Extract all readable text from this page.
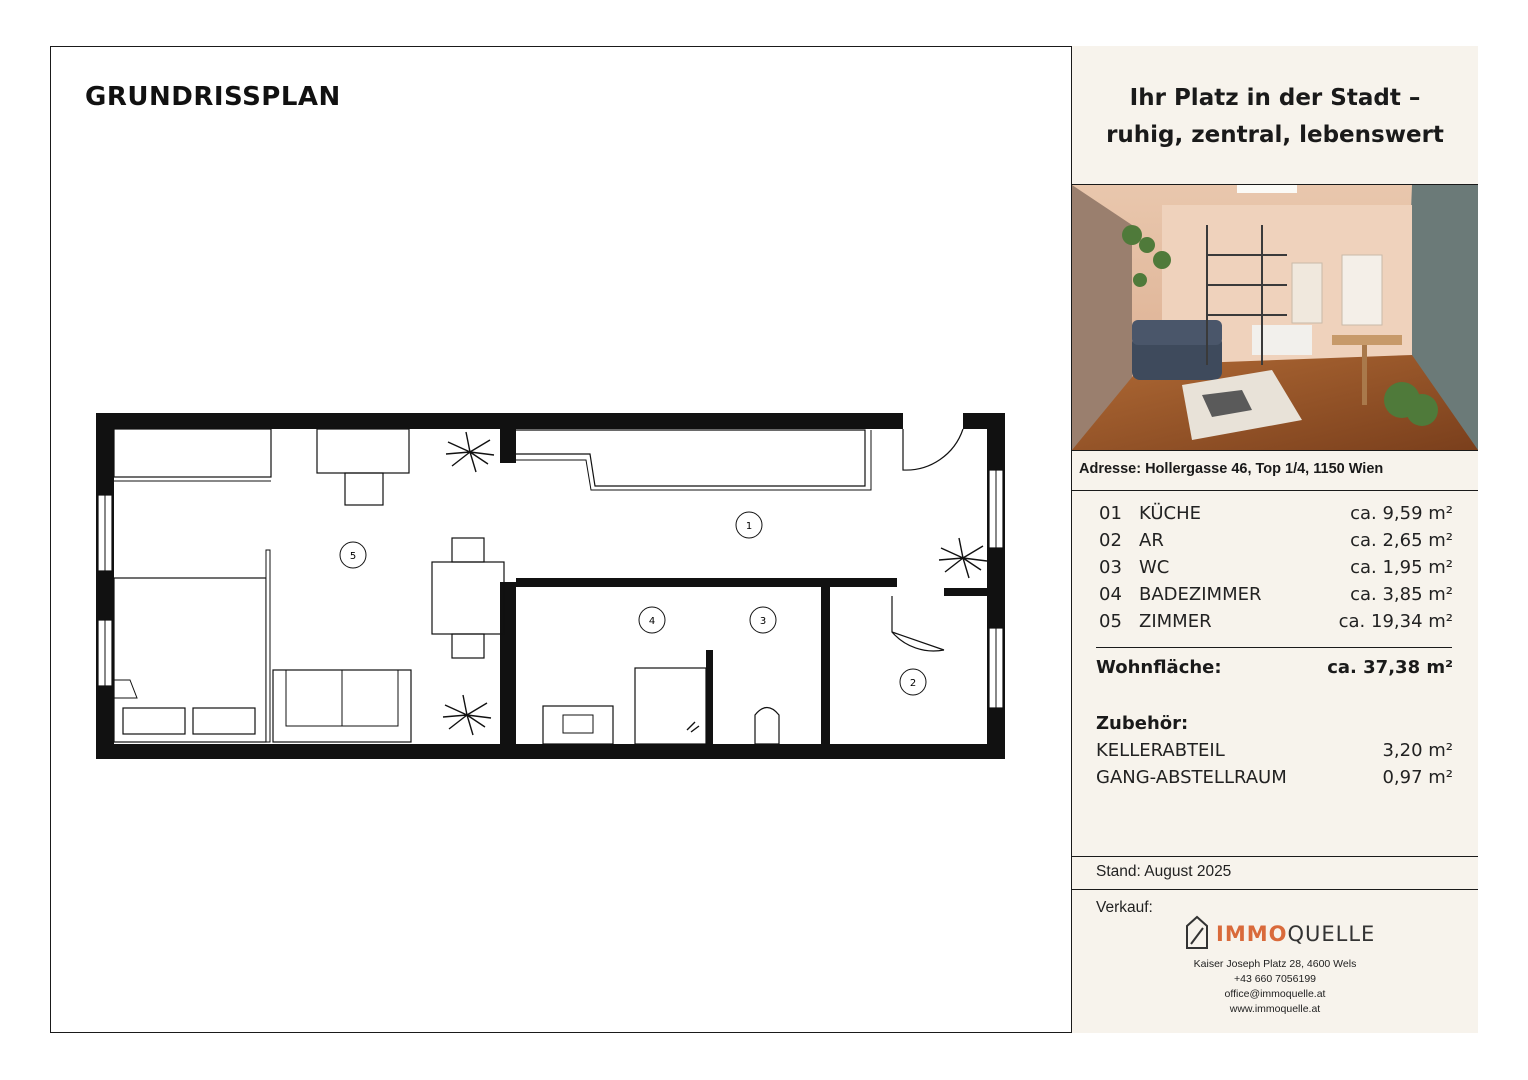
GRUNDRISSPLAN
1
2
3
4
5
Ihr Platz in der Stadt –
ruhig, zentral, lebenswert
Adresse: Hollergasse 46, Top 1/4, 1150 Wien
01 KÜCHE	ca. 9,59 m²
02 AR	ca. 2,65 m²
03 WC	ca. 1,95 m²
04 BADEZIMMER	ca. 3,85 m²
05 ZIMMER	ca. 19,34 m²
Wohnfläche:	ca. 37,38 m²
Zubehör:
KELLERABTEIL	3,20 m²
GANG-ABSTELLRAUM	0,97 m²
Stand: August 2025
Verkauf:
IMMOQUELLE
Kaiser Joseph Platz 28, 4600 Wels
+43 660 7056199
office@immoquelle.at
www.immoquelle.at
